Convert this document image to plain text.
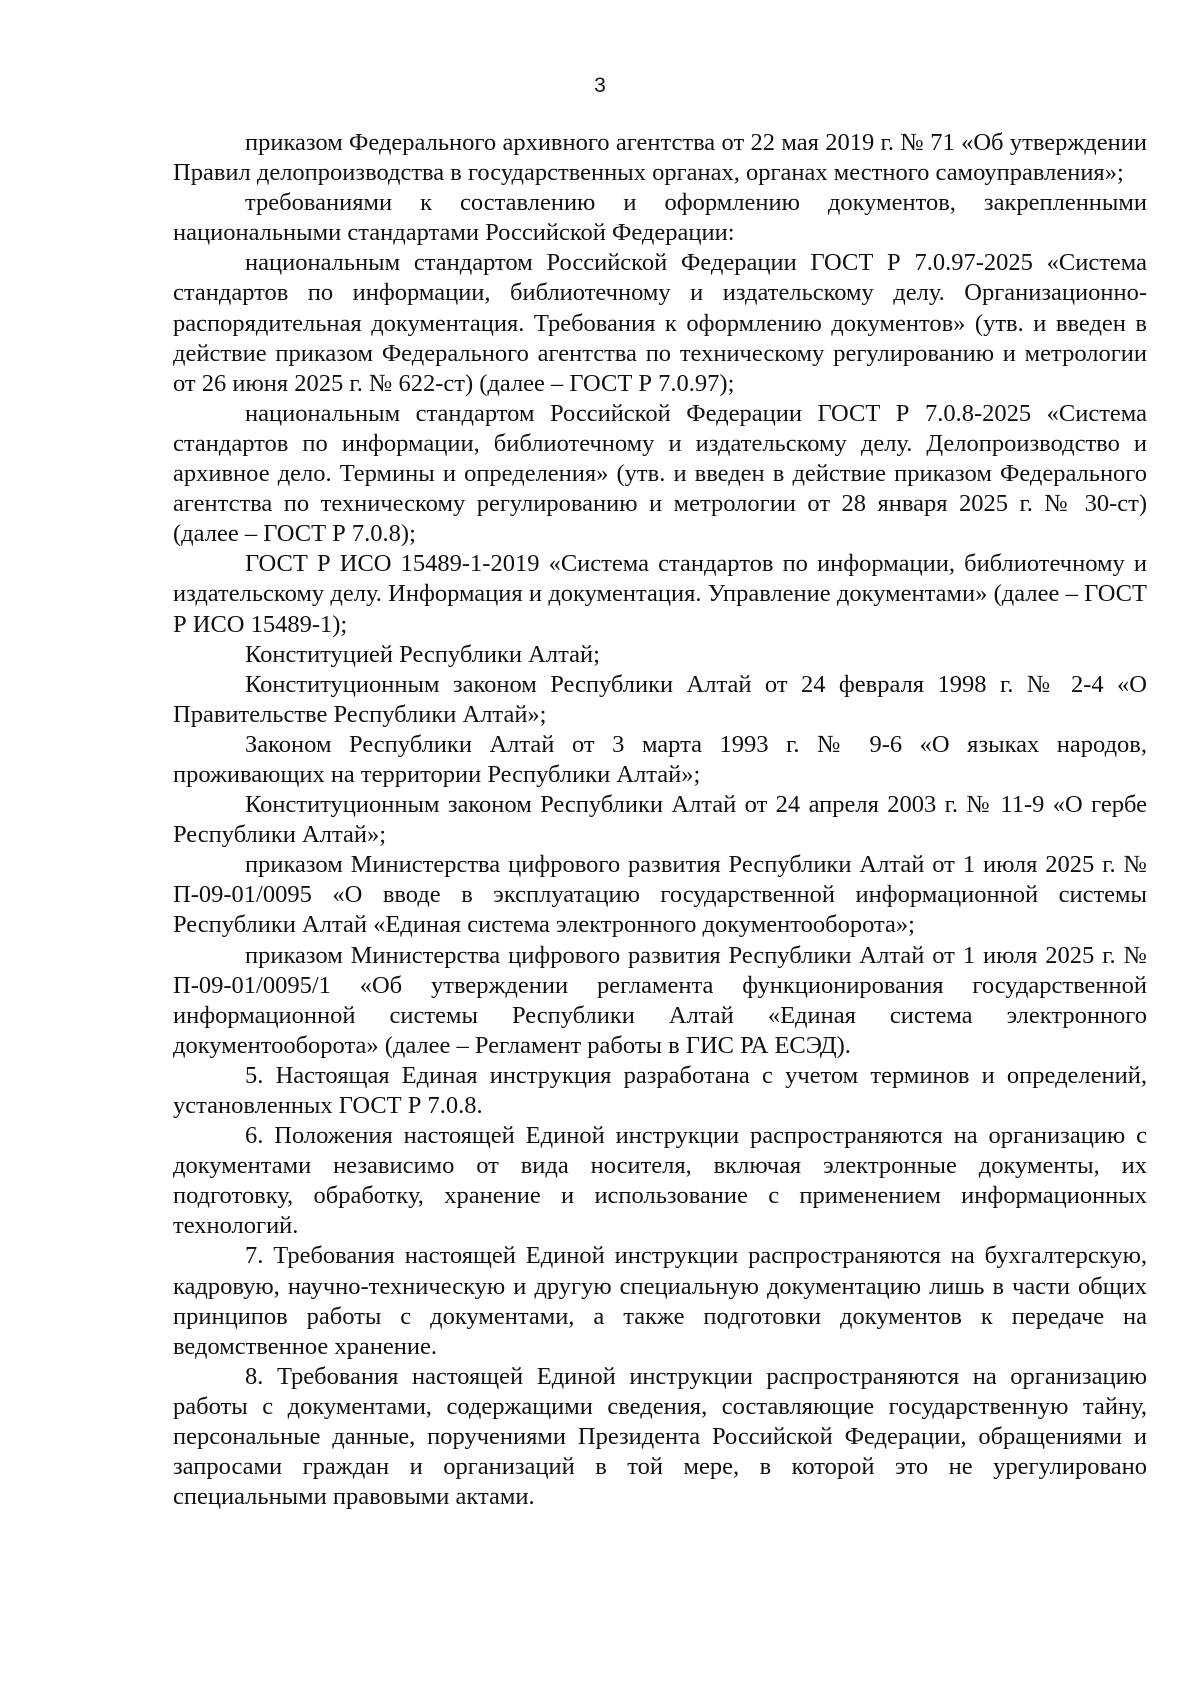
3

приказом Федерального архивного агентства от 22 мая 2019 г. № 71 «Об утверждении Правил делопроизводства в государственных органах, органах местного самоуправления»;

требованиями к составлению и оформлению документов, закрепленными национальными стандартами Российской Федерации:

национальным стандартом Российской Федерации ГОСТ Р 7.0.97-2025 «Система стандартов по информации, библиотечному и издательскому делу. Организационно-распорядительная документация. Требования к оформлению документов» (утв. и введен в действие приказом Федерального агентства по техническому регулированию и метрологии от 26 июня 2025 г. № 622-ст) (далее – ГОСТ Р 7.0.97);

национальным стандартом Российской Федерации ГОСТ Р 7.0.8-2025 «Система стандартов по информации, библиотечному и издательскому делу. Делопроизводство и архивное дело. Термины и определения» (утв. и введен в действие приказом Федерального агентства по техническому регулированию и метрологии от 28 января 2025 г. № 30-ст) (далее – ГОСТ Р 7.0.8);

ГОСТ Р ИСО 15489-1-2019 «Система стандартов по информации, библиотечному и издательскому делу. Информация и документация. Управление документами» (далее – ГОСТ Р ИСО 15489-1);

Конституцией Республики Алтай;

Конституционным законом Республики Алтай от 24 февраля 1998 г. № 2-4 «О Правительстве Республики Алтай»;

Законом Республики Алтай от 3 марта 1993 г. № 9-6 «О языках народов, проживающих на территории Республики Алтай»;

Конституционным законом Республики Алтай от 24 апреля 2003 г. № 11-9 «О гербе Республики Алтай»;

приказом Министерства цифрового развития Республики Алтай от 1 июля 2025 г. № П-09-01/0095 «О вводе в эксплуатацию государственной информационной системы Республики Алтай «Единая система электронного документооборота»;

приказом Министерства цифрового развития Республики Алтай от 1 июля 2025 г. № П-09-01/0095/1 «Об утверждении регламента функционирования государственной информационной системы Республики Алтай «Единая система электронного документооборота» (далее – Регламент работы в ГИС РА ЕСЭД).

5. Настоящая Единая инструкция разработана с учетом терминов и определений, установленных ГОСТ Р 7.0.8.

6. Положения настоящей Единой инструкции распространяются на организацию с документами независимо от вида носителя, включая электронные документы, их подготовку, обработку, хранение и использование с применением информационных технологий.

7. Требования настоящей Единой инструкции распространяются на бухгалтерскую, кадровую, научно-техническую и другую специальную документацию лишь в части общих принципов работы с документами, а также подготовки документов к передаче на ведомственное хранение.

8. Требования настоящей Единой инструкции распространяются на организацию работы с документами, содержащими сведения, составляющие государственную тайну, персональные данные, поручениями Президента Российской Федерации, обращениями и запросами граждан и организаций в той мере, в которой это не урегулировано специальными правовыми актами.
